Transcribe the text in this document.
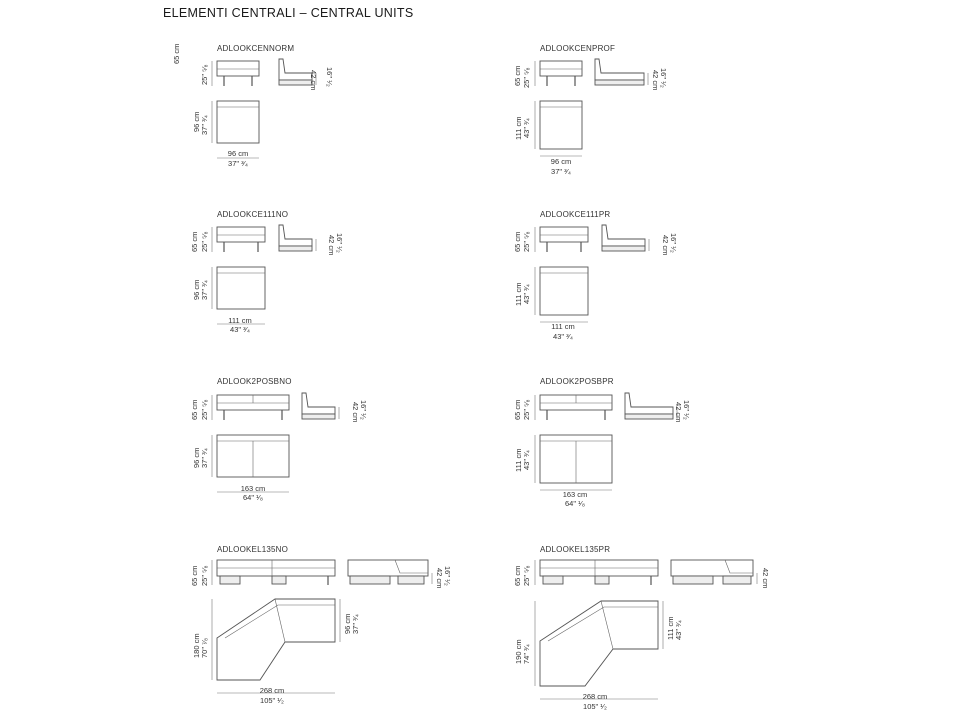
ELEMENTI CENTRALI – CENTRAL UNITS
ADLOOKCENNORM
65 cm
25" ⁵⁄₈	42 cm 16" ¹⁄₂
96 cm 37" ³⁄₄
96 cm
37" ³⁄₄
ADLOOKCENPROF
65 cm 25" ⁵⁄₈	42 cm 16" ¹⁄₂
111 cm 43" ³⁄₄
96 cm
37" ³⁄₄
ADLOOKCE111NO
65 cm 25" ⁵⁄₈	42 cm 16" ¹⁄₂
96 cm 37" ³⁄₄
111 cm
43" ³⁄₄
ADLOOKCE111PR
65 cm 25" ⁵⁄₈	42 cm 16" ¹⁄₂
111 cm 43" ³⁄₄
111 cm
43" ³⁄₄
ADLOOK2POSBNO
65 cm 25" ⁵⁄₈	42 cm 16" ¹⁄₂
96 cm 37" ³⁄₄
163 cm
64" ¹⁄₈
ADLOOK2POSBPR
65 cm 25" ⁵⁄₈	42 cm 16" ¹⁄₂
111 cm 43" ³⁄₄
163 cm
64" ¹⁄₈
ADLOOKEL135NO
65 cm 25" ⁵⁄₈	42 cm 16" ¹⁄₂
180 cm 70" ⁷⁄₈
96 cm 37" ³⁄₄
268 cm
105" ¹⁄₂
ADLOOKEL135PR
65 cm 25" ⁵⁄₈	42 cm
190 cm 74" ³⁄₄
111 cm 43" ³⁄₄
268 cm
105" ¹⁄₂
